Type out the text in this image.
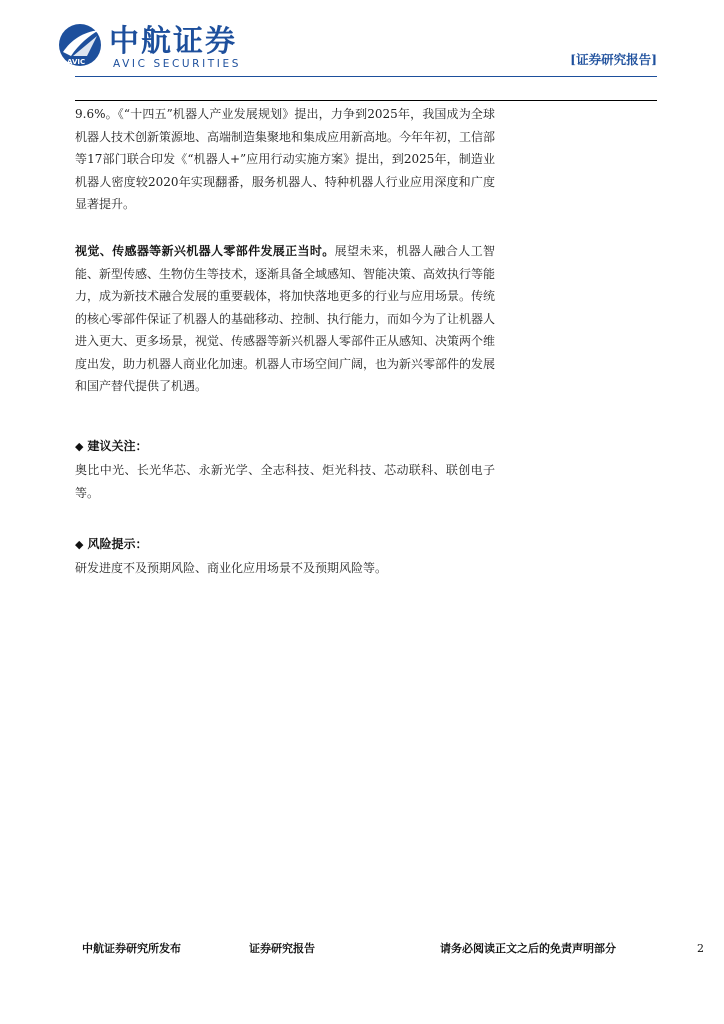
AVIC
中航证券
AVIC SECURITIES	[证券研究报告]
9.6%。《“十四五”机器人产业发展规划》提出，力争到2025年，我国成为全球机器人技术创新策源地、高端制造集聚地和集成应用新高地。今年年初，工信部等17部门联合印发《“机器人+”应用行动实施方案》提出，到2025年，制造业机器人密度较2020年实现翻番，服务机器人、特种机器人行业应用深度和广度显著提升。
视觉、传感器等新兴机器人零部件发展正当时。展望未来，机器人融合人工智能、新型传感、生物仿生等技术，逐渐具备全域感知、智能决策、高效执行等能力，成为新技术融合发展的重要载体，将加快落地更多的行业与应用场景。传统的核心零部件保证了机器人的基础移动、控制、执行能力，而如今为了让机器人进入更大、更多场景，视觉、传感器等新兴机器人零部件正从感知、决策两个维度出发，助力机器人商业化加速。机器人市场空间广阔，也为新兴零部件的发展和国产替代提供了机遇。
◆ 建议关注：
奥比中光、长光华芯、永新光学、全志科技、炬光科技、芯动联科、联创电子等。
◆ 风险提示：
研发进度不及预期风险、商业化应用场景不及预期风险等。
中航证券研究所发布	证券研究报告	请务必阅读正文之后的免责声明部分	2
